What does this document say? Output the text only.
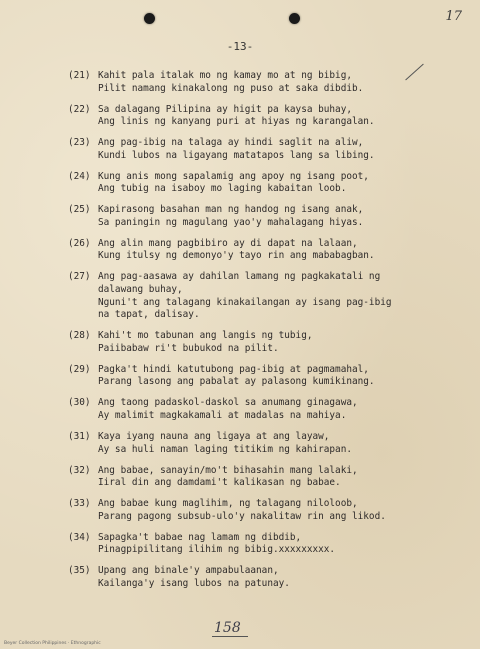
17
-13-
(21) Kahit pala italak mo ng kamay mo at ng bibig,
Pilit namang kinakalong ng puso at saka dibdib.
(22) Sa dalagang Pilipina ay higit pa kaysa buhay,
Ang linis ng kanyang puri at hiyas ng karangalan.
(23) Ang pag-ibig na talaga ay hindi saglit na aliw,
Kundi lubos na ligayang matatapos lang sa libing.
(24) Kung anis mong sapalamig ang apoy ng isang poot,
Ang tubig na isaboy mo laging kabaitan loob.
(25) Kapirasong basahan man ng handog ng isang anak,
Sa paningin ng magulang yao'y mahalagang hiyas.
(26) Ang alin mang pagbibiro ay di dapat na lalaan,
Kung itulsy ng demonyo'y tayo rin ang mababagban.
(27) Ang pag-aasawa ay dahilan lamang ng pagkakatali ng
dalawang buhay,
Nguni't ang talagang kinakailangan ay isang pag-ibig
na tapat, dalisay.
(28) Kahi't mo tabunan ang langis ng tubig,
Paiibabaw ri't bubukod na pilit.
(29) Pagka't hindi katutubong pag-ibig at pagmamahal,
Parang lasong ang pabalat ay palasong kumikinang.
(30) Ang taong padaskol-daskol sa anumang ginagawa,
Ay malimit magkakamali at madalas na mahiya.
(31) Kaya iyang nauna ang ligaya at ang layaw,
Ay sa huli naman laging titikim ng kahirapan.
(32) Ang babae, sanayin/mo't bihasahin mang lalaki,
Iiral din ang damdami't kalikasan ng babae.
(33) Ang babae kung maglihim, ng talagang niloloob,
Parang pagong subsub-ulo'y nakalitaw rin ang likod.
(34) Sapagka't babae nag lamam ng dibdib,
Pinagpipilitang ilihim ng bibig.xxxxxxxxx.
(35) Upang ang binale'y ampabulaanan,
Kailanga'y isang lubos na patunay.
158
Beyer Collection Philippines · Ethnographic
